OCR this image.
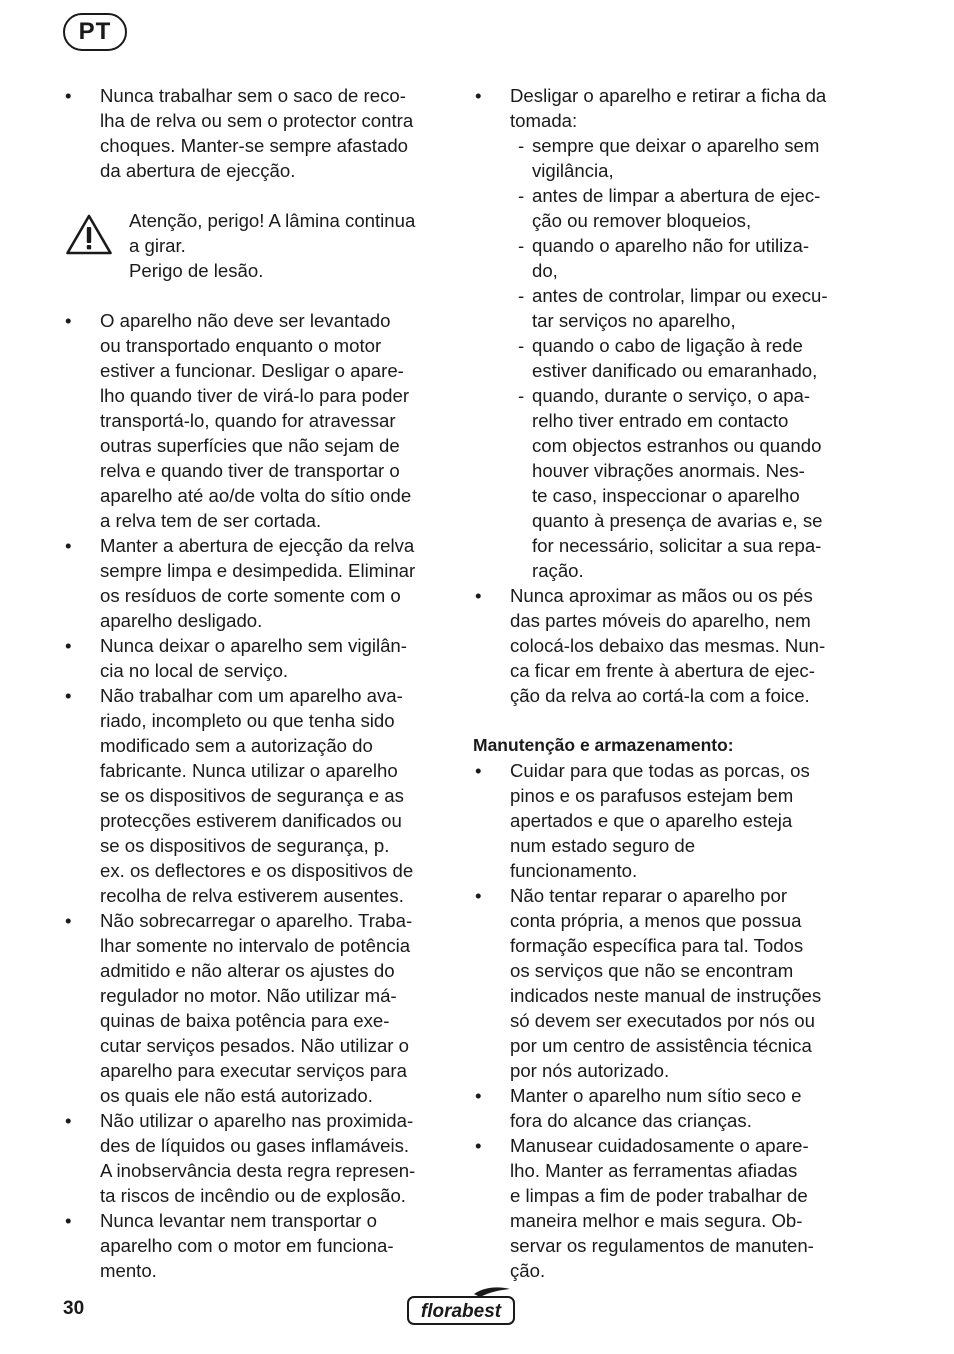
PT
• Nunca trabalhar sem o saco de reco-
lha de relva ou sem o protector contra
choques. Manter-se sempre afastado
da abertura de ejecção.
Atenção, perigo! A lâmina continua
a girar.
Perigo de lesão.
• O aparelho não deve ser levantado
ou transportado enquanto o motor
estiver a funcionar. Desligar o apare-
lho quando tiver de virá-lo para poder
transportá-lo, quando for atravessar
outras superfícies que não sejam de
relva e quando tiver de transportar o
aparelho até ao/de volta do sítio onde
a relva tem de ser cortada.
• Manter a abertura de ejecção da relva
sempre limpa e desimpedida. Eliminar
os resíduos de corte somente com o
aparelho desligado.
• Nunca deixar o aparelho sem vigilân-
cia no local de serviço.
• Não trabalhar com um aparelho ava-
riado, incompleto ou que tenha sido
modificado sem a autorização do
fabricante. Nunca utilizar o aparelho
se os dispositivos de segurança e as
protecções estiverem danificados ou
se os dispositivos de segurança, p.
ex. os deflectores e os dispositivos de
recolha de relva estiverem ausentes.
• Não sobrecarregar o aparelho. Traba-
lhar somente no intervalo de potência
admitido e não alterar os ajustes do
regulador no motor. Não utilizar má-
quinas de baixa potência para exe-
cutar serviços pesados. Não utilizar o
aparelho para executar serviços para
os quais ele não está autorizado.
• Não utilizar o aparelho nas proximida-
des de líquidos ou gases inflamáveis.
A inobservância desta regra represen-
ta riscos de incêndio ou de explosão.
• Nunca levantar nem transportar o
aparelho com o motor em funciona-
mento.
• Desligar o aparelho e retirar a ficha da
tomada:
- sempre que deixar o aparelho sem
vigilância,
- antes de limpar a abertura de ejec-
ção ou remover bloqueios,
- quando o aparelho não for utiliza-
do,
- antes de controlar, limpar ou execu-
tar serviços no aparelho,
- quando o cabo de ligação à rede
estiver danificado ou emaranhado,
- quando, durante o serviço, o apa-
relho tiver entrado em contacto
com objectos estranhos ou quando
houver vibrações anormais. Nes-
te caso, inspeccionar o aparelho
quanto à presença de avarias e, se
for necessário, solicitar a sua repa-
ração.
• Nunca aproximar as mãos ou os pés
das partes móveis do aparelho, nem
colocá-los debaixo das mesmas. Nun-
ca ficar em frente à abertura de ejec-
ção da relva ao cortá-la com a foice.
Manutenção e armazenamento:
• Cuidar para que todas as porcas, os
pinos e os parafusos estejam bem
apertados e que o aparelho esteja
num estado seguro de
funcionamento.
• Não tentar reparar o aparelho por
conta própria, a menos que possua
formação específica para tal. Todos
os serviços que não se encontram
indicados neste manual de instruções
só devem ser executados por nós ou
por um centro de assistência técnica
por nós autorizado.
• Manter o aparelho num sítio seco e
fora do alcance das crianças.
• Manusear cuidadosamente o apare-
lho. Manter as ferramentas afiadas
e limpas a fim de poder trabalhar de
maneira melhor e mais segura. Ob-
servar os regulamentos de manuten-
ção.
30	florabest
